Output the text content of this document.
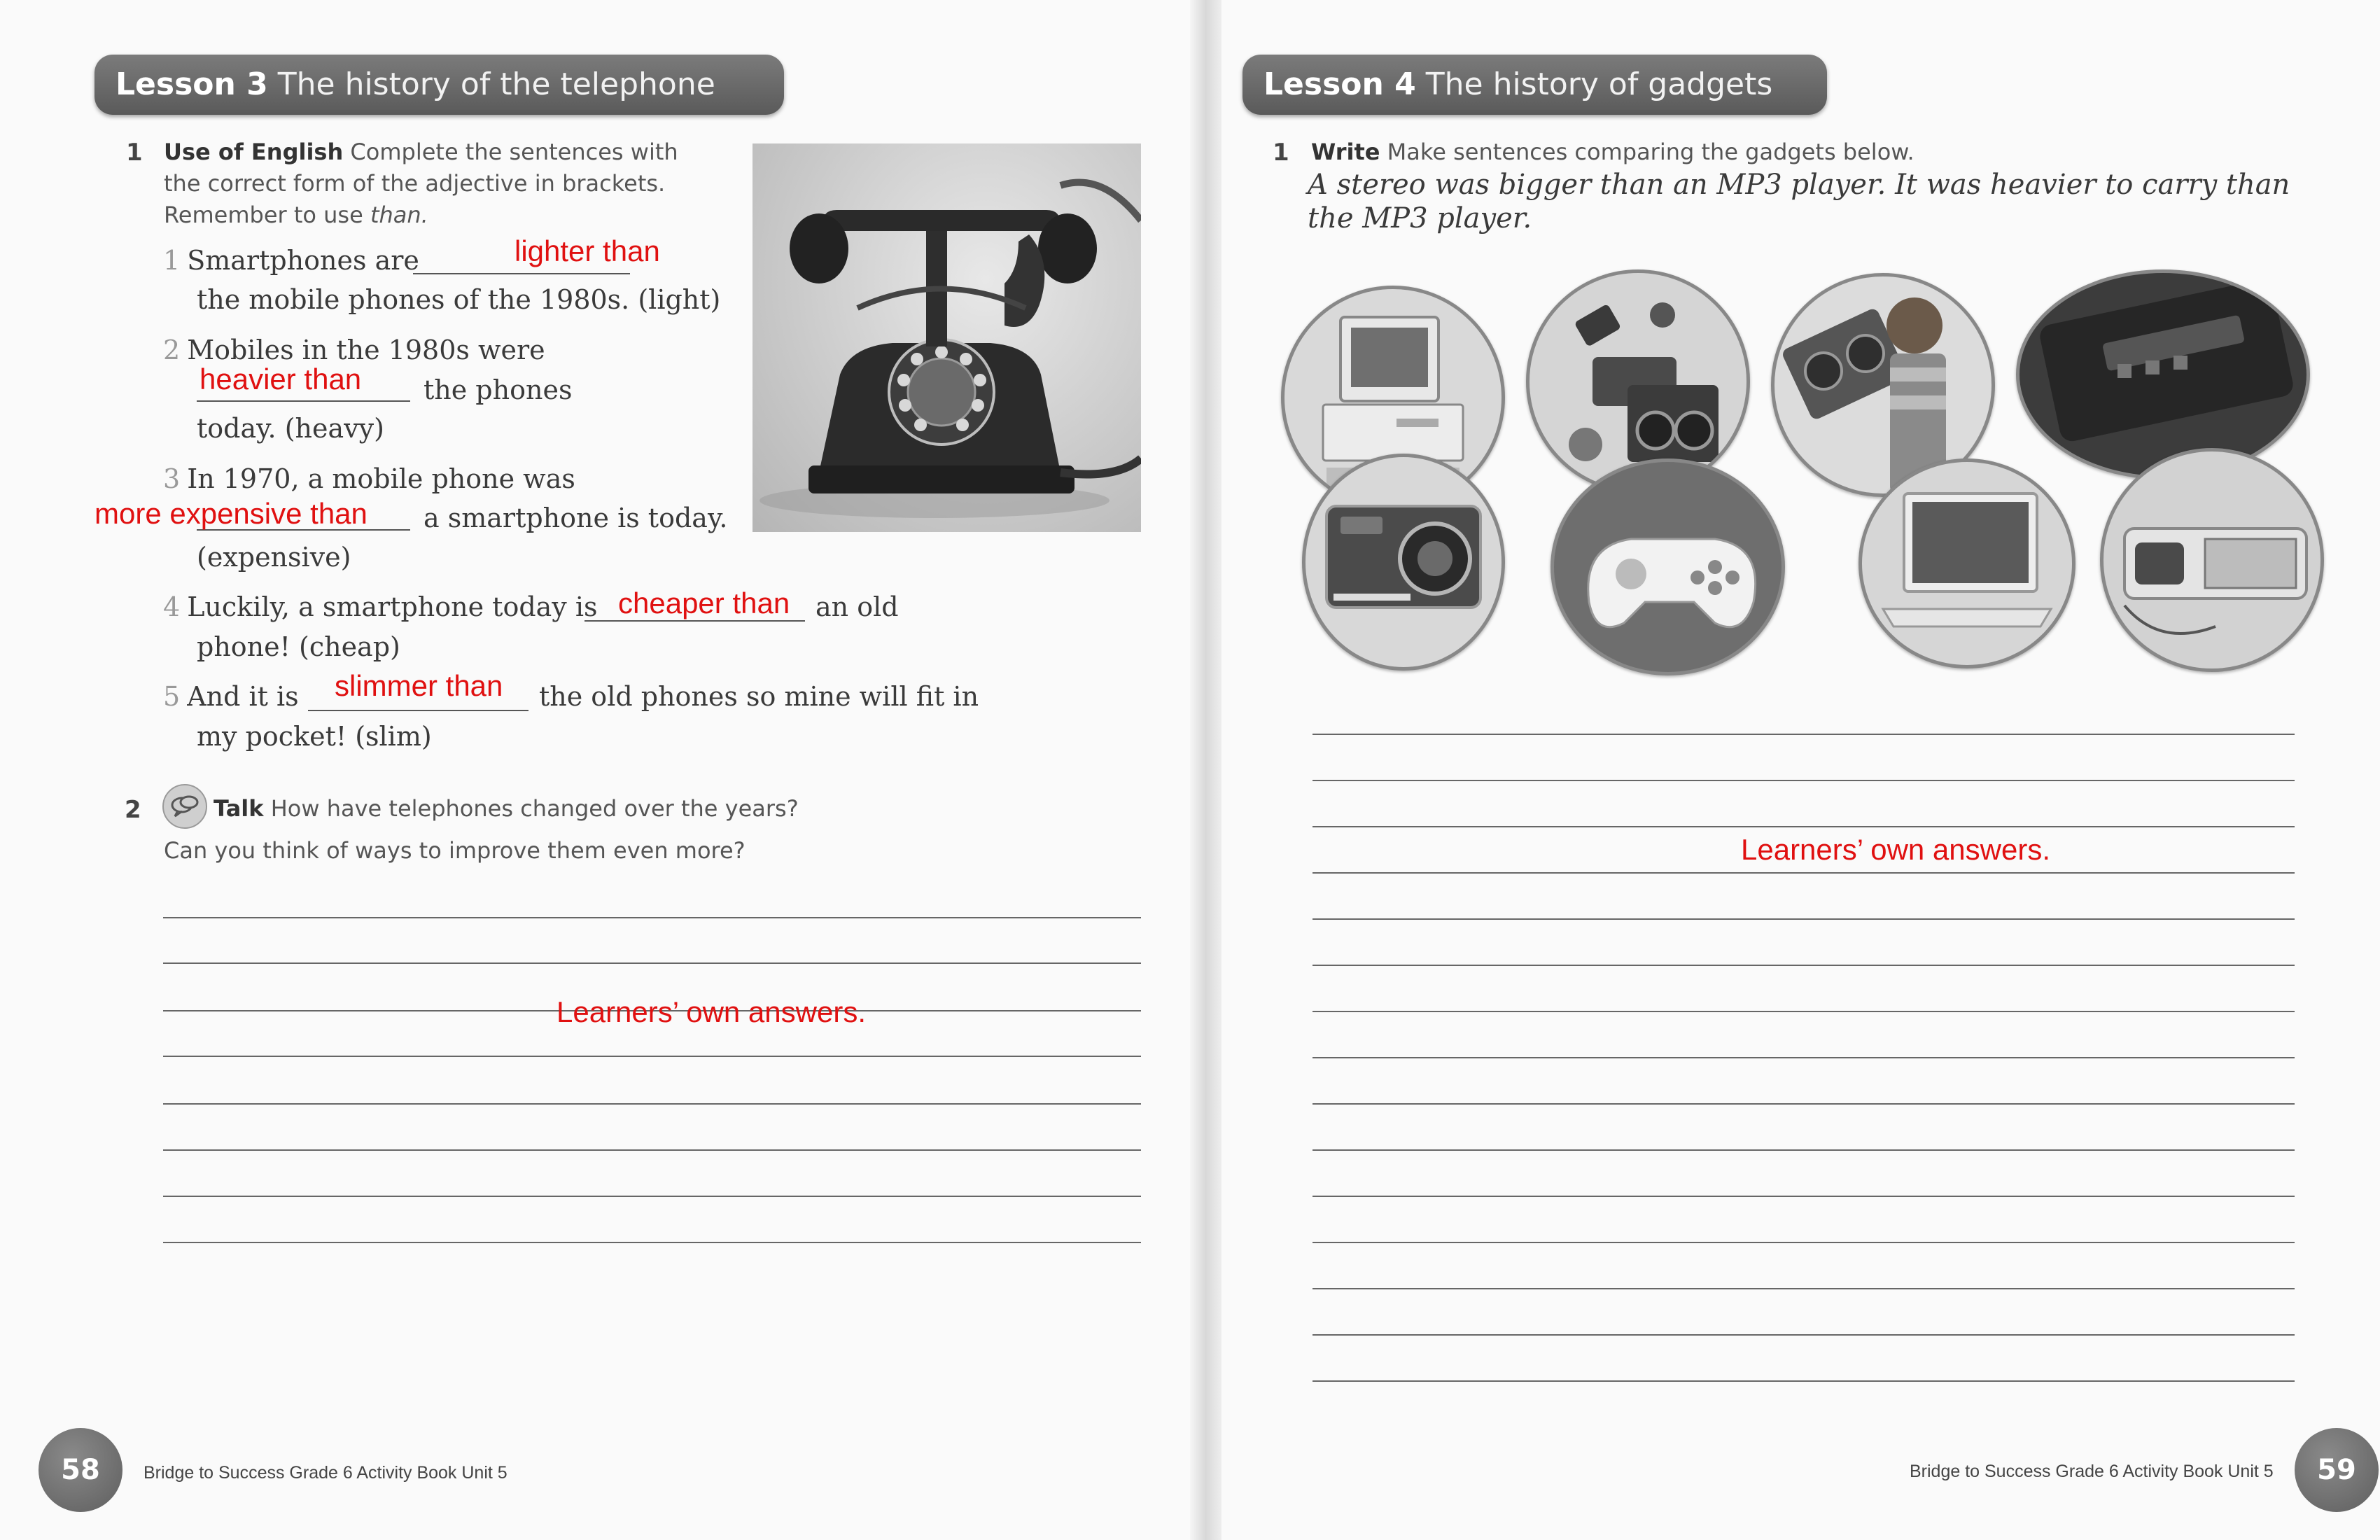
Lesson 3 The history of the telephone
1 Use of English Complete the sentences with
the correct form of the adjective in brackets.
Remember to use than.
1 Smartphones are	lighter than
the mobile phones of the 1980s. (light)
2 Mobiles in the 1980s were
heavier than the phones
today. (heavy)
3 In 1970, a mobile phone was
more expensive than a smartphone is today.
(expensive)
4 Luckily, a smartphone today is cheaper than an old
phone! (cheap)
5 And it is slimmer than the old phones so mine will fit in
my pocket! (slim)
2	Talk How have telephones changed over the years?
Can you think of ways to improve them even more?
Learners’ own answers.
58	Bridge to Success Grade 6 Activity Book Unit 5
Lesson 4 The history of gadgets
1 Write Make sentences comparing the gadgets below.
A stereo was bigger than an MP3 player. It was heavier to carry than
the MP3 player.
Learners’ own answers.
Bridge to Success Grade 6 Activity Book Unit 5	59
